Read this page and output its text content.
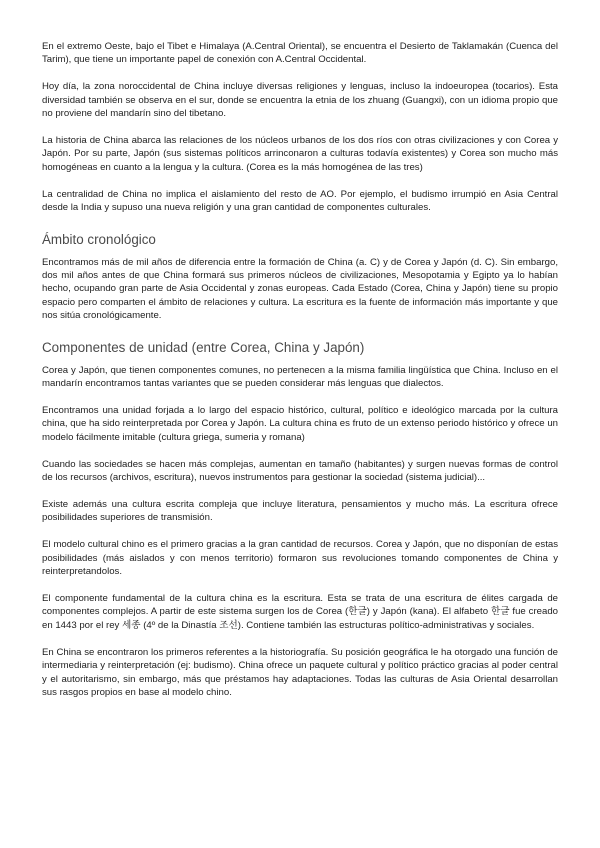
En el extremo Oeste, bajo el Tibet e Himalaya (A.Central Oriental), se encuentra el Desierto de Taklamakán (Cuenca del Tarim), que tiene un importante papel de conexión con A.Central Occidental.

Hoy día, la zona noroccidental de China incluye diversas religiones y lenguas, incluso la indoeuropea (tocarios). Esta diversidad también se observa en el sur, donde se encuentra la etnia de los zhuang (Guangxi), con un idioma propio que no proviene del mandarín sino del tibetano.

La historia de China abarca las relaciones de los núcleos urbanos de los dos ríos con otras civilizaciones y con Corea y Japón. Por su parte, Japón (sus sistemas políticos arrinconaron a culturas todavía existentes) y Corea son mucho más homogéneas en cuanto a la lengua y la cultura. (Corea es la más homogénea de las tres)

La centralidad de China no implica el aislamiento del resto de AO. Por ejemplo, el budismo irrumpió en Asia Central desde la India y supuso una nueva religión y una gran cantidad de componentes culturales.

Ámbito cronológico

Encontramos más de mil años de diferencia entre la formación de China (a. C) y de Corea y Japón (d. C). Sin embargo, dos mil años antes de que China formará sus primeros núcleos de civilizaciones, Mesopotamia y Egipto ya lo habían hecho, ocupando gran parte de Asia Occidental y zonas europeas. Cada Estado (Corea, China y Japón) tiene su propio espacio pero comparten el ámbito de relaciones y cultura. La escritura es la fuente de información más importante y que nos sitúa cronológicamente.

Componentes de unidad (entre Corea, China y Japón)

Corea y Japón, que tienen componentes comunes, no pertenecen a la misma familia lingüística que China. Incluso en el mandarín encontramos tantas variantes que se pueden considerar más lenguas que dialectos.

Encontramos una unidad forjada a lo largo del espacio histórico, cultural, político e ideológico marcada por la cultura china, que ha sido reinterpretada por Corea y Japón. La cultura china es fruto de un extenso periodo histórico y ofrece un modelo fácilmente imitable (cultura griega, sumeria y romana)

Cuando las sociedades se hacen más complejas, aumentan en tamaño (habitantes) y surgen nuevas formas de control de los recursos (archivos, escritura), nuevos instrumentos para gestionar la sociedad (sistema judicial)...

Existe además una cultura escrita compleja que incluye literatura, pensamientos y mucho más. La escritura ofrece posibilidades superiores de transmisión.

El modelo cultural chino es el primero gracias a la gran cantidad de recursos. Corea y Japón, que no disponían de estas posibilidades (más aislados y con menos territorio) formaron sus revoluciones tomando componentes de China y reinterpretandolos.

El componente fundamental de la cultura china es la escritura. Esta se trata de una escritura de élites cargada de componentes complejos. A partir de este sistema surgen los de Corea (한글) y Japón (kana). El alfabeto 한글 fue creado en 1443 por el rey 세종 (4º de la Dinastía 조선). Contiene también las estructuras político-administrativas y sociales.

En China se encontraron los primeros referentes a la historiografía. Su posición geográfica le ha otorgado una función de intermediaria y reinterpretación (ej: budismo). China ofrece un paquete cultural y político práctico gracias al poder central y el autoritarismo, sin embargo, más que préstamos hay adaptaciones. Todas las culturas de Asia Oriental desarrollan sus rasgos propios en base al modelo chino.
